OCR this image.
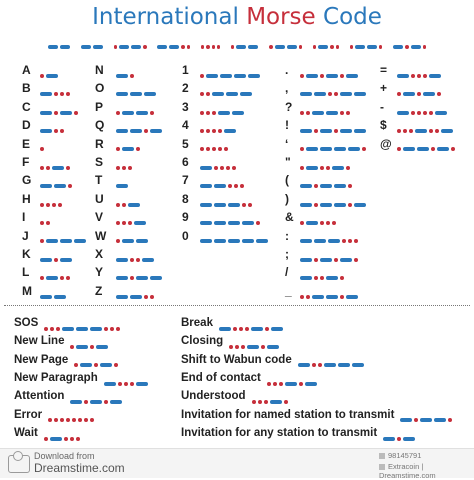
International Morse Code
A
B
C
D
E
F
G
H
I
J
K
L
M
N
O
P
Q
R
S
T
U
V
W
X
Y
Z
1
2
3
4
5
6
7
8
9
0
.
,
?
!
‘
"
(
)
&
:
;
/
_
=
+
-
$
@
SOS
New Line
New Page
New Paragraph
Attention
Error
Wait
Break
Closing
Shift to Wabun code
End of contact
Understood
Invitation for named station to transmit
Invitation for any station to transmit
Download from
Dreamstime.com
98145791
Extracoin | Dreamstime.com
